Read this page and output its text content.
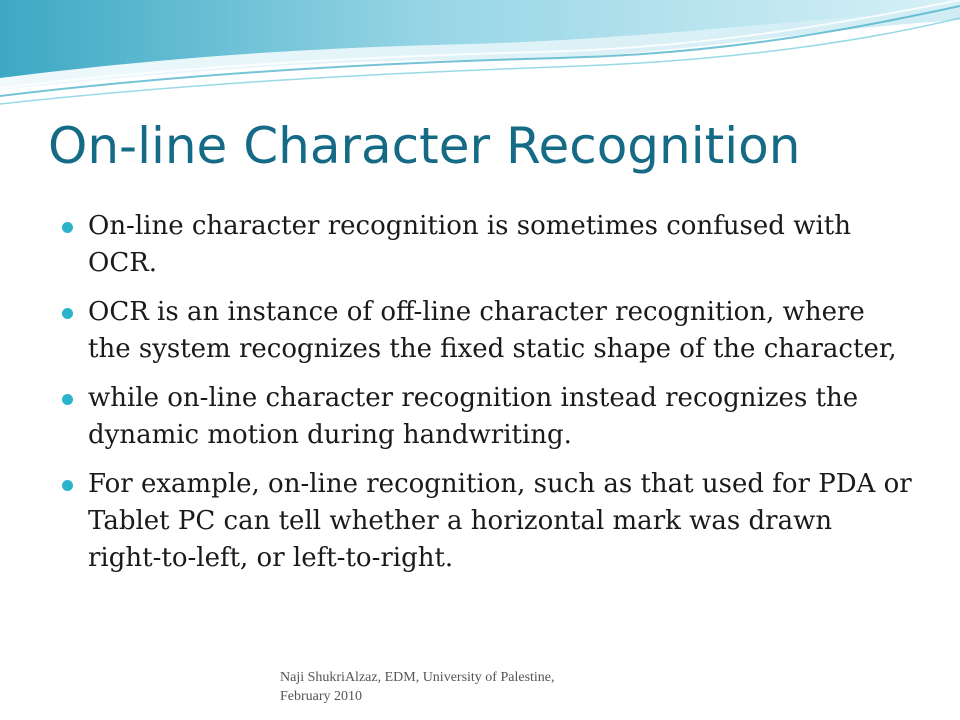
On-line Character Recognition
On-line character recognition is sometimes confused with OCR.
OCR is an instance of off-line character recognition, where the system recognizes the fixed static shape of the character,
while on-line character recognition instead recognizes the dynamic motion during handwriting.
For example, on-line recognition, such as that used for PDA or Tablet PC can tell whether a horizontal mark was drawn right-to-left, or left-to-right.
Naji ShukriAlzaz, EDM, University of Palestine,
February 2010
